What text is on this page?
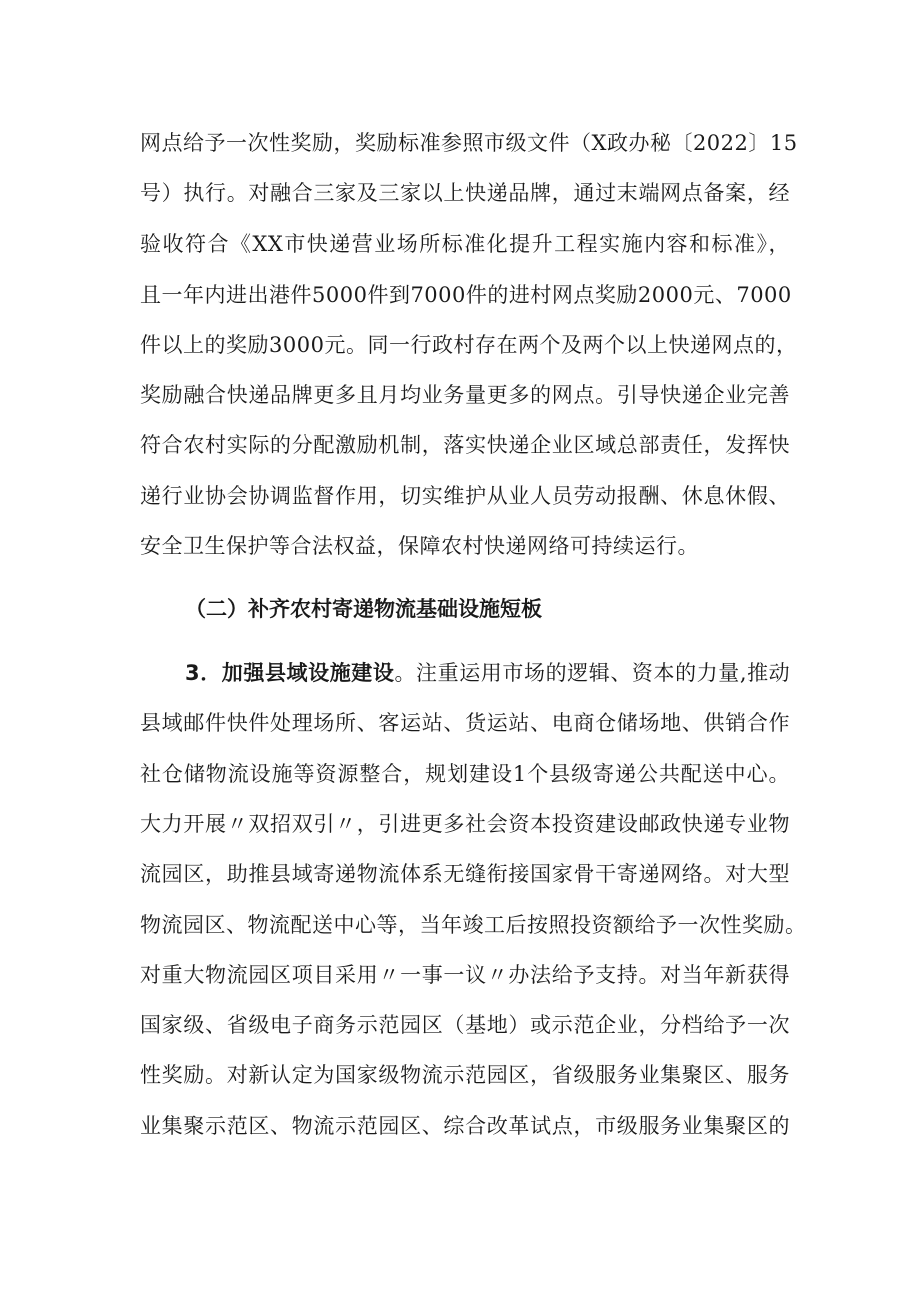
网点给予一次性奖励，奖励标准参照市级文件（X政办秘〔2022〕15
号）执行。对融合三家及三家以上快递品牌，通过末端网点备案，经
验收符合《XX市快递营业场所标准化提升工程实施内容和标准》，
且一年内进出港件5000件到7000件的进村网点奖励2000元、7000
件以上的奖励3000元。同一行政村存在两个及两个以上快递网点的，
奖励融合快递品牌更多且月均业务量更多的网点。引导快递企业完善
符合农村实际的分配激励机制，落实快递企业区域总部责任，发挥快
递行业协会协调监督作用，切实维护从业人员劳动报酬、休息休假、
安全卫生保护等合法权益，保障农村快递网络可持续运行。
（二）补齐农村寄递物流基础设施短板
3．加强县域设施建设。注重运用市场的逻辑、资本的力量,推动
县域邮件快件处理场所、客运站、货运站、电商仓储场地、供销合作
社仓储物流设施等资源整合，规划建设1个县级寄递公共配送中心。
大力开展〃双招双引〃，引进更多社会资本投资建设邮政快递专业物
流园区，助推县域寄递物流体系无缝衔接国家骨干寄递网络。对大型
物流园区、物流配送中心等，当年竣工后按照投资额给予一次性奖励。
对重大物流园区项目采用〃一事一议〃办法给予支持。对当年新获得
国家级、省级电子商务示范园区（基地）或示范企业，分档给予一次
性奖励。对新认定为国家级物流示范园区，省级服务业集聚区、服务
业集聚示范区、物流示范园区、综合改革试点，市级服务业集聚区的
